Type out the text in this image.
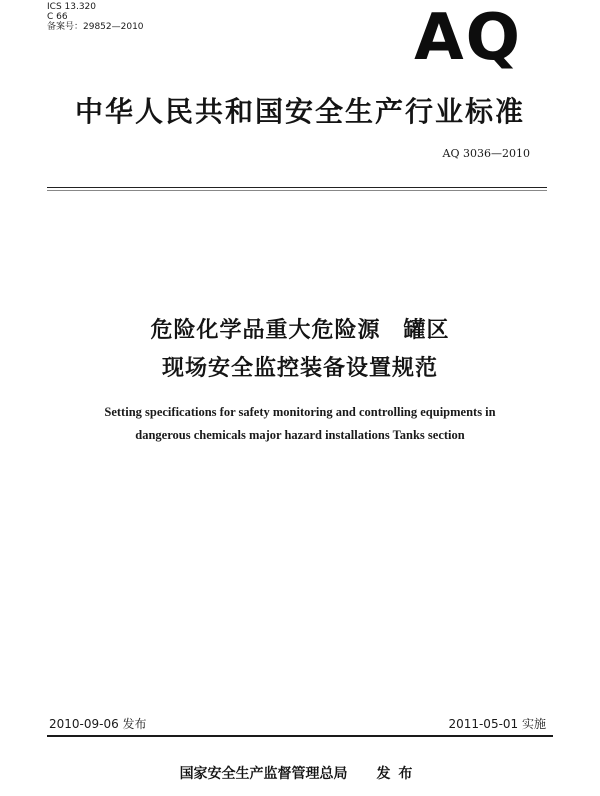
ICS 13.320
C 66
备案号：29852—2010	AQ
中华人民共和国安全生产行业标准
AQ 3036—2010
危险化学品重大危险源　罐区
现场安全监控装备设置规范
Setting specifications for safety monitoring and controlling equipments in
dangerous chemicals major hazard installations Tanks section
2010-09-06 发布	2011-05-01 实施
国家安全生产监督管理总局 发布
